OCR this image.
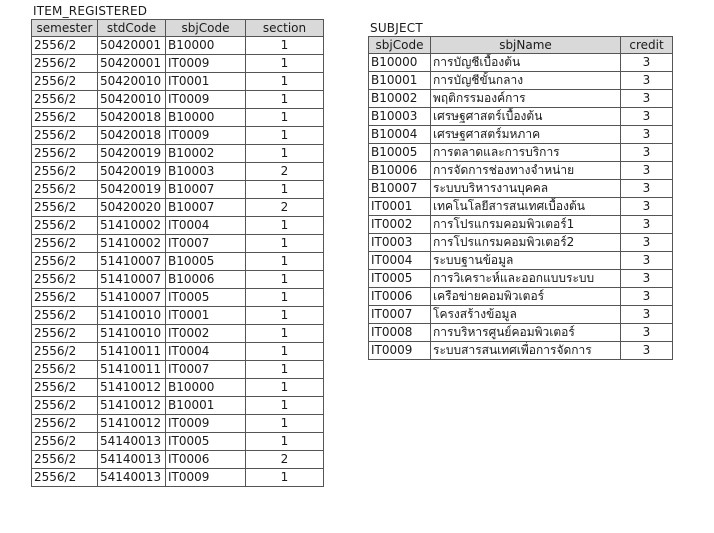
ITEM_REGISTERED
semester	stdCode	sbjCode	section
2556/2	50420001	B10000	1
2556/2	50420001	IT0009	1
2556/2	50420010	IT0001	1
2556/2	50420010	IT0009	1
2556/2	50420018	B10000	1
2556/2	50420018	IT0009	1
2556/2	50420019	B10002	1
2556/2	50420019	B10003	2
2556/2	50420019	B10007	1
2556/2	50420020	B10007	2
2556/2	51410002	IT0004	1
2556/2	51410002	IT0007	1
2556/2	51410007	B10005	1
2556/2	51410007	B10006	1
2556/2	51410007	IT0005	1
2556/2	51410010	IT0001	1
2556/2	51410010	IT0002	1
2556/2	51410011	IT0004	1
2556/2	51410011	IT0007	1
2556/2	51410012	B10000	1
2556/2	51410012	B10001	1
2556/2	51410012	IT0009	1
2556/2	54140013	IT0005	1
2556/2	54140013	IT0006	2
2556/2	54140013	IT0009	1
SUBJECT
sbjCode	sbjName	credit
B10000	การบัญชีเบื้องต้น	3
B10001	การบัญชีขั้นกลาง	3
B10002	พฤติกรรมองค์การ	3
B10003	เศรษฐศาสตร์เบื้องต้น	3
B10004	เศรษฐศาสตร์มหภาค	3
B10005	การตลาดและการบริการ	3
B10006	การจัดการช่องทางจำหน่าย	3
B10007	ระบบบริหารงานบุคคล	3
IT0001	เทคโนโลยีสารสนเทศเบื้องต้น	3
IT0002	การโปรแกรมคอมพิวเตอร์1	3
IT0003	การโปรแกรมคอมพิวเตอร์2	3
IT0004	ระบบฐานข้อมูล	3
IT0005	การวิเคราะห์และออกแบบระบบ	3
IT0006	เครือข่ายคอมพิวเตอร์	3
IT0007	โครงสร้างข้อมูล	3
IT0008	การบริหารศูนย์คอมพิวเตอร์	3
IT0009	ระบบสารสนเทศเพื่อการจัดการ	3
